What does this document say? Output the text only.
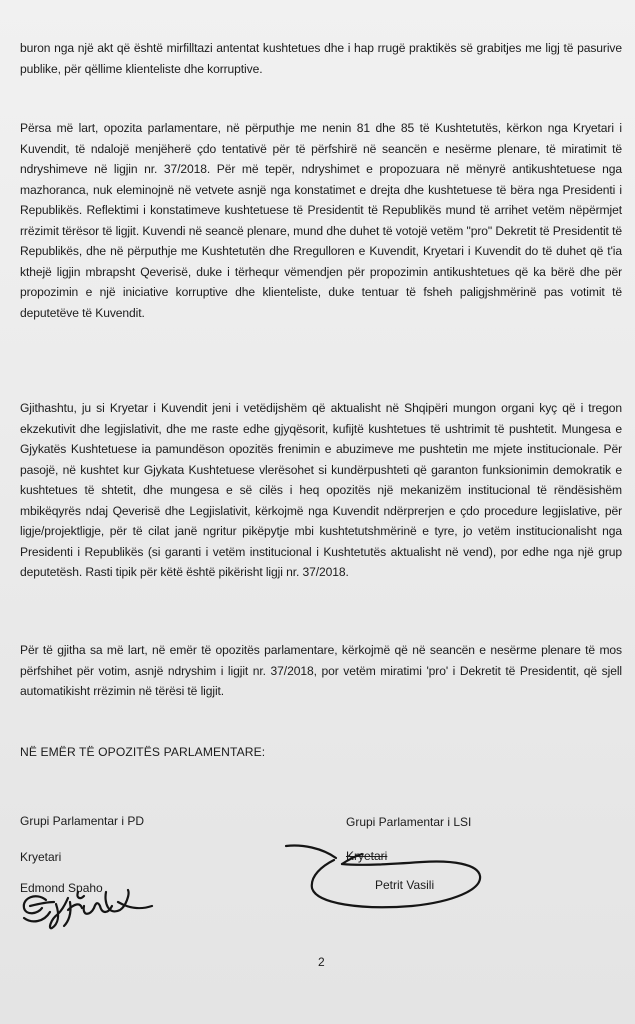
buron nga një akt që është mirfilltazi antentat kushtetues dhe i hap rrugë praktikës së grabitjes me ligj të pasurive publike, për qëllime klienteliste dhe korruptive.

Përsa më lart, opozita parlamentare, në përputhje me nenin 81 dhe 85 të Kushtetutës, kërkon nga Kryetari i Kuvendit, të ndalojë menjëherë çdo tentativë për të përfshirë në seancën e nesërme plenare, të miratimit të ndryshimeve në ligjin nr. 37/2018. Për më tepër, ndryshimet e propozuara në mënyrë antikushtetuese nga mazhoranca, nuk eleminojnë në vetvete asnjë nga konstatimet e drejta dhe kushtetuese të bëra nga Presidenti i Republikës. Reflektimi i konstatimeve kushtetuese të Presidentit të Republikës mund të arrihet vetëm nëpërmjet rrëzimit tërësor të ligjit. Kuvendi në seancë plenare, mund dhe duhet të votojë vetëm "pro" Dekretit të Presidentit të Republikës, dhe në përputhje me Kushtetutën dhe Rregulloren e Kuvendit, Kryetari i Kuvendit do të duhet që t'ia kthejë ligjin mbrapsht Qeverisë, duke i tërhequr vëmendjen për propozimin antikushtetues që ka bërë dhe për propozimin e një iniciative korruptive dhe klienteliste, duke tentuar të fsheh paligjshmërinë pas votimit të deputetëve të Kuvendit.

Gjithashtu, ju si Kryetar i Kuvendit jeni i vetëdijshëm që aktualisht në Shqipëri mungon organi kyç që i tregon ekzekutivit dhe legjislativit, dhe me raste edhe gjyqësorit, kufijtë kushtetues të ushtrimit të pushtetit. Mungesa e Gjykatës Kushtetuese ia pamundëson opozitës frenimin e abuzimeve me pushtetin me mjete institucionale. Për pasojë, në kushtet kur Gjykata Kushtetuese vlerësohet si kundërpushteti që garanton funksionimin demokratik e kushtetues të shtetit, dhe mungesa e së cilës i heq opozitës një mekanizëm institucional të rëndësishëm mbikëqyrës ndaj Qeverisë dhe Legjislativit, kërkojmë nga Kuvendit ndërprerjen e çdo procedure legjislative, për ligje/projektligje, për të cilat janë ngritur pikëpytje mbi kushtetutshmërinë e tyre, jo vetëm institucionalisht nga Presidenti i Republikës (si garanti i vetëm institucional i Kushtetutës aktualisht në vend), por edhe nga një grup deputetësh. Rasti tipik për këtë është pikërisht ligji nr. 37/2018.

Për të gjitha sa më lart, në emër të opozitës parlamentare, kërkojmë që në seancën e nesërme plenare të mos përfshihet për votim, asnjë ndryshim i ligjit nr. 37/2018, por vetëm miratimi 'pro' i Dekretit të Presidentit, që sjell automatikisht rrëzimin në tërësi të ligjit.

NË EMËR TË OPOZITËS PARLAMENTARE:
Grupi Parlamentar i PD
Kryetari
Edmond Spaho
Grupi Parlamentar i LSI
Kryetari
Petrit Vasili
2
